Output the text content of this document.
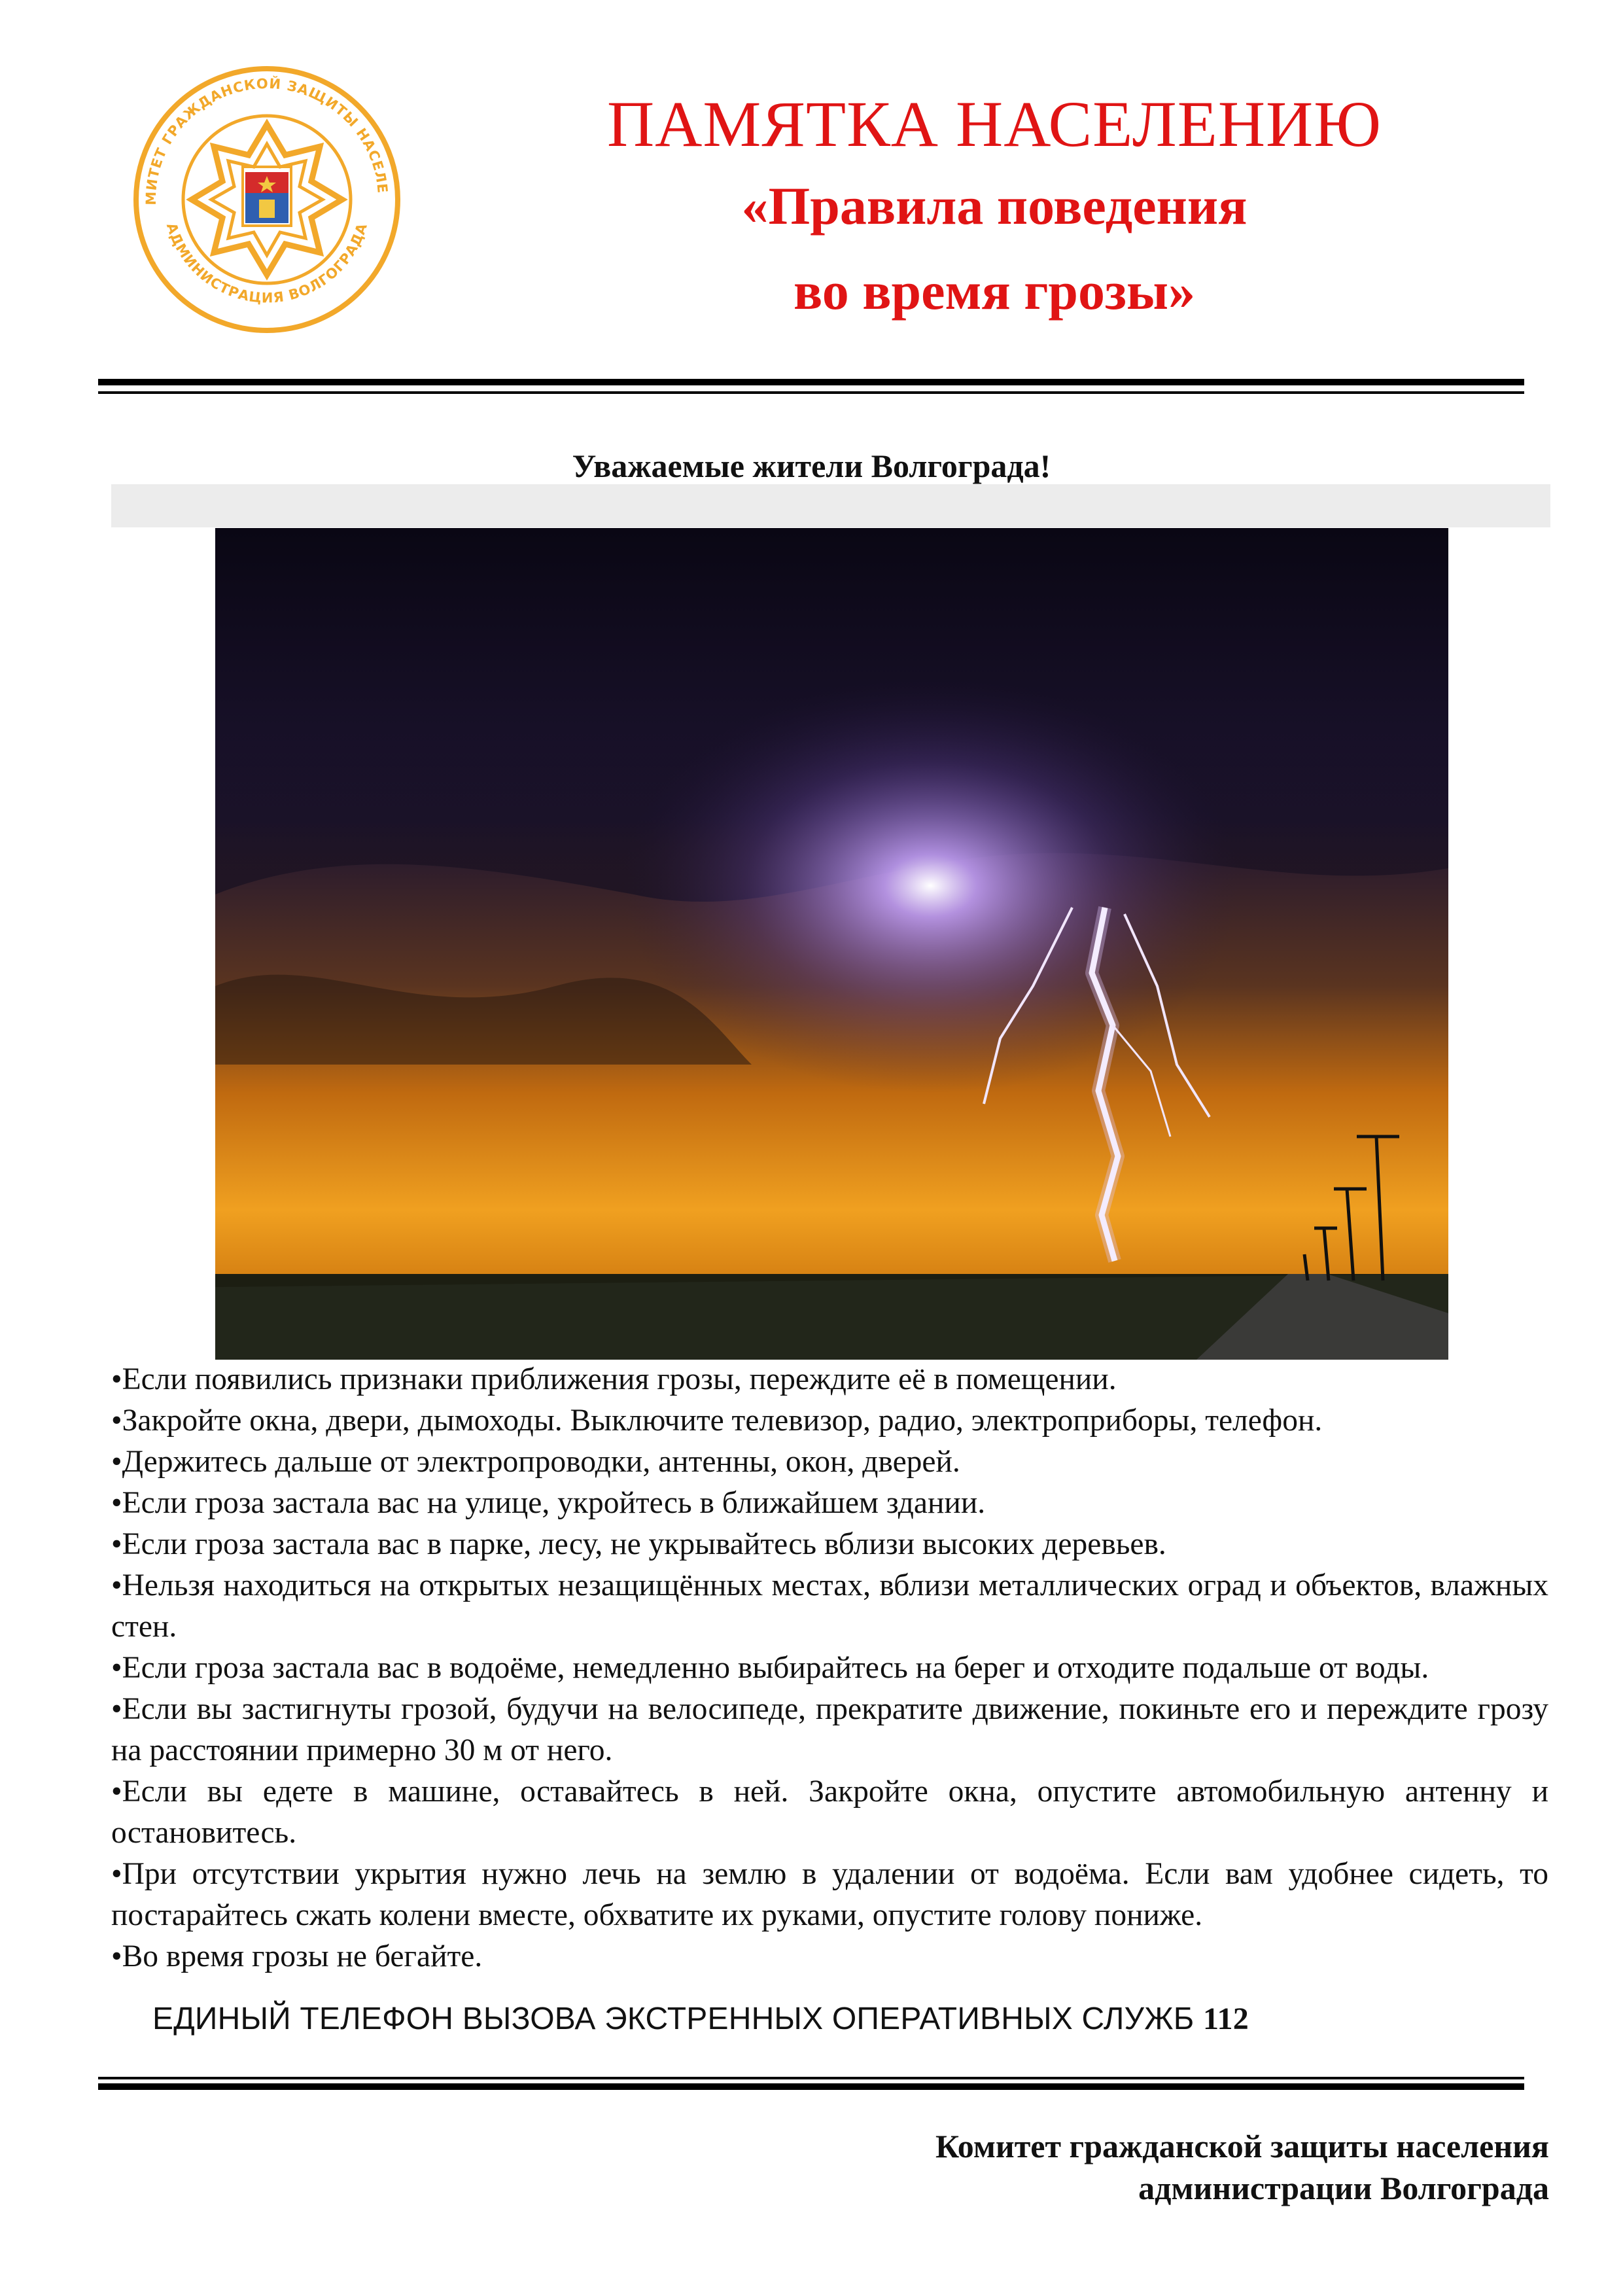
МИТЕТ ГРАЖДАНСКОЙ ЗАЩИТЫ НАСЕЛЕ
АДМИНИСТРАЦИЯ ВОЛГОГРАДА
ПАМЯТКА НАСЕЛЕНИЮ
«Правила поведения
во время грозы»
Уважаемые жители Волгограда!

•Если появились признаки приближения грозы, переждите её в помещении.

•Закройте окна, двери, дымоходы. Выключите телевизор, радио, электроприборы, телефон.

•Держитесь дальше от электропроводки, антенны, окон, дверей.

•Если гроза застала вас на улице, укройтесь в ближайшем здании.

•Если гроза застала вас в парке, лесу, не укрывайтесь вблизи высоких деревьев.

•Нельзя находиться на открытых незащищённых местах, вблизи металлических оград и объектов, влажных стен.

•Если гроза застала вас в водоёме, немедленно выбирайтесь на берег и отходите подальше от воды.

•Если вы застигнуты грозой, будучи на велосипеде, прекратите движение, покиньте его и переждите грозу на расстоянии примерно 30 м от него.

•Если вы едете в машине, оставайтесь в ней. Закройте окна, опустите автомобильную антенну и остановитесь.

•При отсутствии укрытия нужно лечь на землю в удалении от водоёма. Если вам удобнее сидеть, то постарайтесь сжать колени вместе, обхватите их руками, опустите голову пониже.

•Во время грозы не бегайте.

ЕДИНЫЙ ТЕЛЕФОН ВЫЗОВА ЭКСТРЕННЫХ ОПЕРАТИВНЫХ СЛУЖБ 112
Комитет гражданской защиты населения
администрации Волгограда
